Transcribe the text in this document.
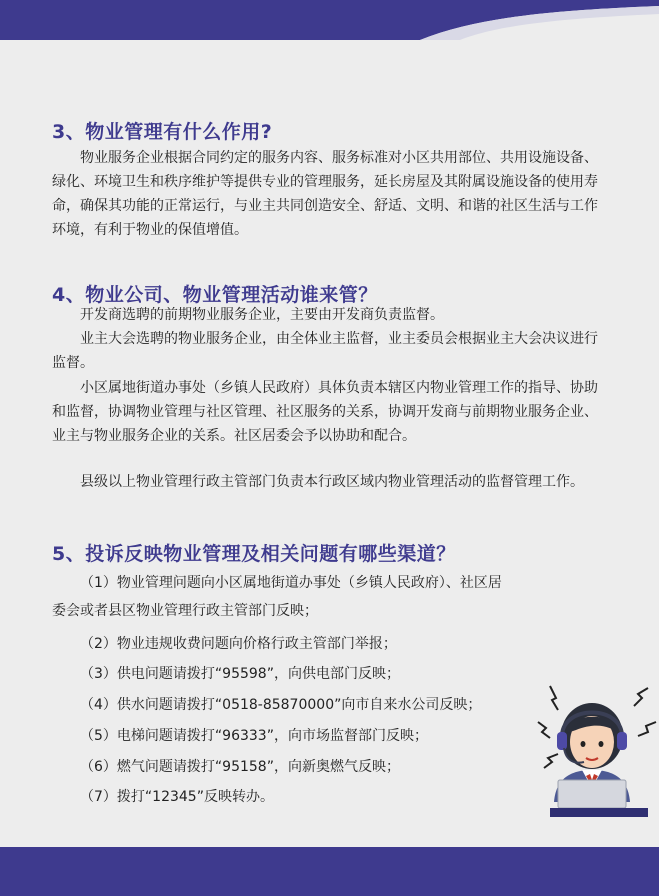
3、物业管理有什么作用?

物业服务企业根据合同约定的服务内容、服务标准对小区共用部位、共用设施设备、绿化、环境卫生和秩序维护等提供专业的管理服务，延长房屋及其附属设施设备的使用寿命，确保其功能的正常运行，与业主共同创造安全、舒适、文明、和谐的社区生活与工作环境，有利于物业的保值增值。

4、物业公司、物业管理活动谁来管？

开发商选聘的前期物业服务企业，主要由开发商负责监督。

业主大会选聘的物业服务企业，由全体业主监督，业主委员会根据业主大会决议进行监督。

小区属地街道办事处（乡镇人民政府）具体负责本辖区内物业管理工作的指导、协助和监督，协调物业管理与社区管理、社区服务的关系，协调开发商与前期物业服务企业、业主与物业服务企业的关系。社区居委会予以协助和配合。

县级以上物业管理行政主管部门负责本行政区域内物业管理活动的监督管理工作。

5、投诉反映物业管理及相关问题有哪些渠道？
（1）物业管理问题向小区属地街道办事处（乡镇人民政府）、社区居
委会或者县区物业管理行政主管部门反映；
（2）物业违规收费问题向价格行政主管部门举报；
（3）供电问题请拨打“95598”，向供电部门反映；
（4）供水问题请拨打“0518-85870000”向市自来水公司反映；
（5）电梯问题请拨打“96333”，向市场监督部门反映；
（6）燃气问题请拨打“95158”，向新奥燃气反映；
（7）拨打“12345”反映转办。
